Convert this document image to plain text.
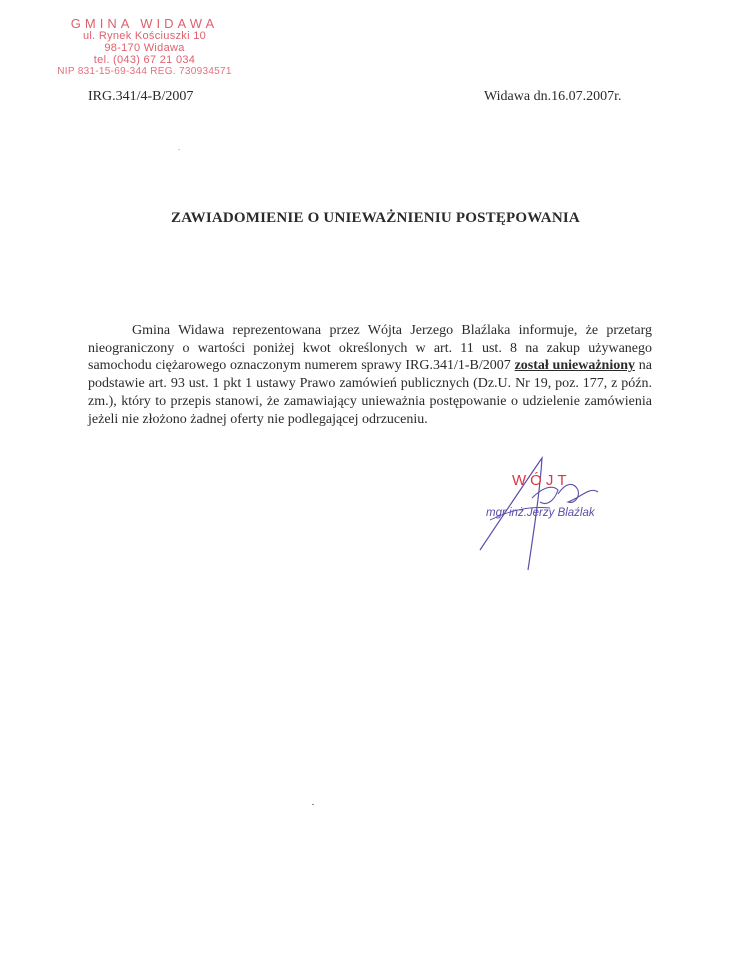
GMINA WIDAWA
ul. Rynek Kościuszki 10
98-170 Widawa
tel. (043) 67 21 034
NIP 831-15-69-344 REG. 730934571
IRG.341/4-B/2007	Widawa dn.16.07.2007r.
ZAWIADOMIENIE O UNIEWAŻNIENIU POSTĘPOWANIA
Gmina Widawa reprezentowana przez Wójta Jerzego Blaźlaka informuje, że przetarg nieograniczony o wartości poniżej kwot określonych w art. 11 ust. 8 na zakup używanego samochodu ciężarowego oznaczonym numerem sprawy IRG.341/1-B/2007 został unieważniony na podstawie art. 93 ust. 1 pkt 1 ustawy Prawo zamówień publicznych (Dz.U. Nr 19, poz. 177, z późn. zm.), który to przepis stanowi, że zamawiający unieważnia postępowanie o udzielenie zamówienia jeżeli nie złożono żadnej oferty nie podlegającej odrzuceniu.
WÓJT
mgr inż.Jerzy Blaźlak
